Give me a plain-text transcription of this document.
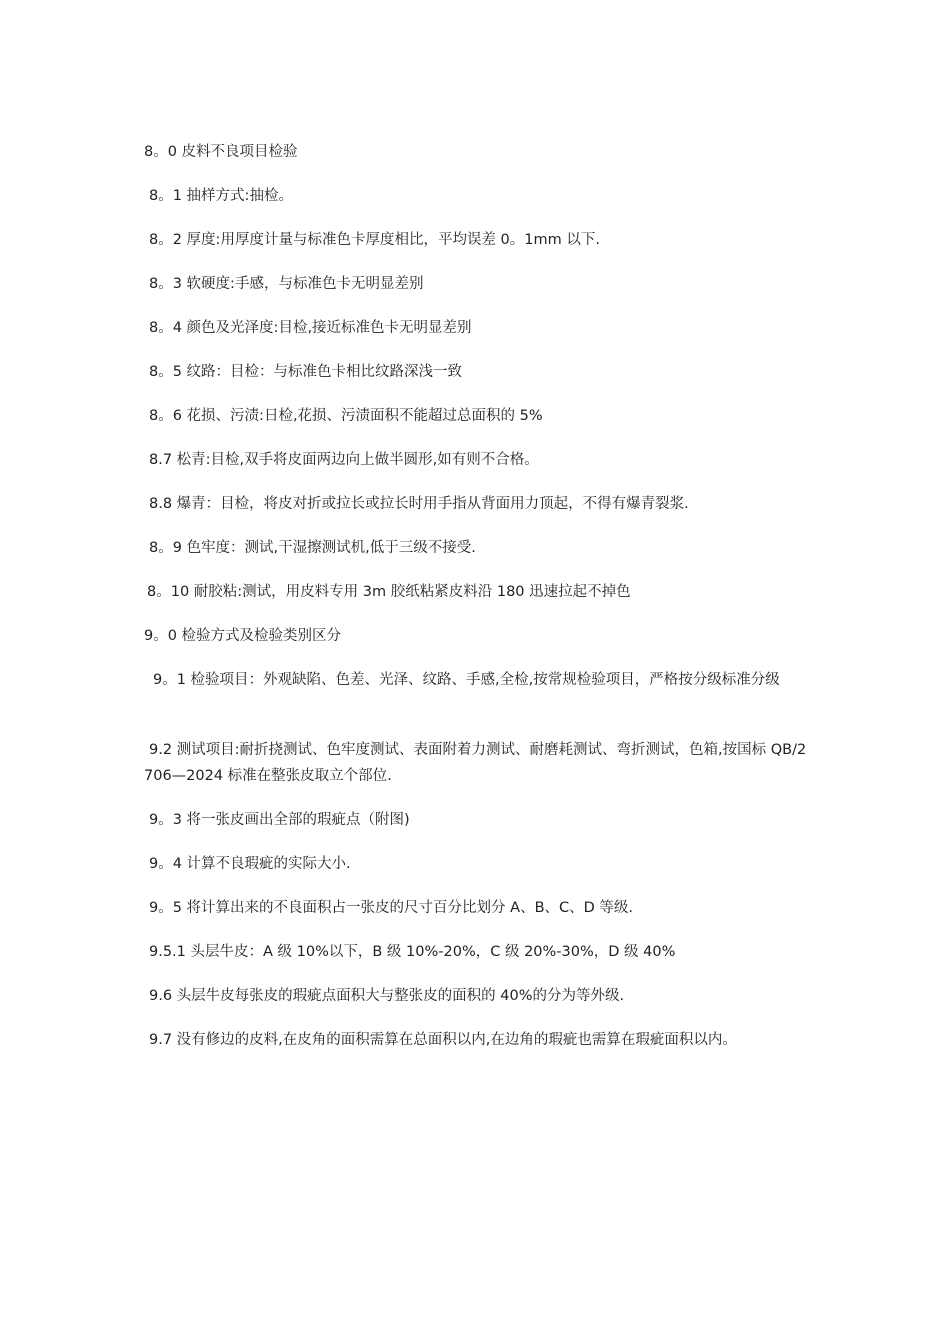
8。0 皮料不良项目检验

8。1 抽样方式:抽检。

8。2 厚度:用厚度计量与标准色卡厚度相比，平均误差 0。1mm 以下.

8。3 软硬度:手感，与标准色卡无明显差别

8。4 颜色及光泽度:目检,接近标准色卡无明显差别

8。5 纹路：目检：与标准色卡相比纹路深浅一致

8。6 花损、污渍:日检,花损、污渍面积不能超过总面积的 5%

8.7 松青:目检,双手将皮面两边向上做半圆形,如有则不合格。

8.8 爆青：目检，将皮对折或拉长或拉长时用手指从背面用力顶起，不得有爆青裂浆.

8。9 色牢度：测试,干湿擦测试机,低于三级不接受.

8。10 耐胶粘:测试，用皮料专用 3m 胶纸粘紧皮料沿 180 迅速拉起不掉色

9。0 检验方式及检验类别区分

9。1 检验项目：外观缺陷、色差、光泽、纹路、手感,全检,按常规检验项目，严格按分级标准分级

9.2 测试项目:耐折挠测试、色牢度测试、表面附着力测试、耐磨耗测试、弯折测试，色箱,按国标 QB/2706—2024 标准在整张皮取立个部位.

9。3 将一张皮画出全部的瑕疵点（附图)

9。4 计算不良瑕疵的实际大小.

9。5 将计算出来的不良面积占一张皮的尺寸百分比划分 A、B、C、D 等级.

9.5.1 头层牛皮：A 级 10%以下，B 级 10%-20%，C 级 20%-30%，D 级 40%

9.6 头层牛皮每张皮的瑕疵点面积大与整张皮的面积的 40%的分为等外级.

9.7 没有修边的皮料,在皮角的面积需算在总面积以内,在边角的瑕疵也需算在瑕疵面积以内。
